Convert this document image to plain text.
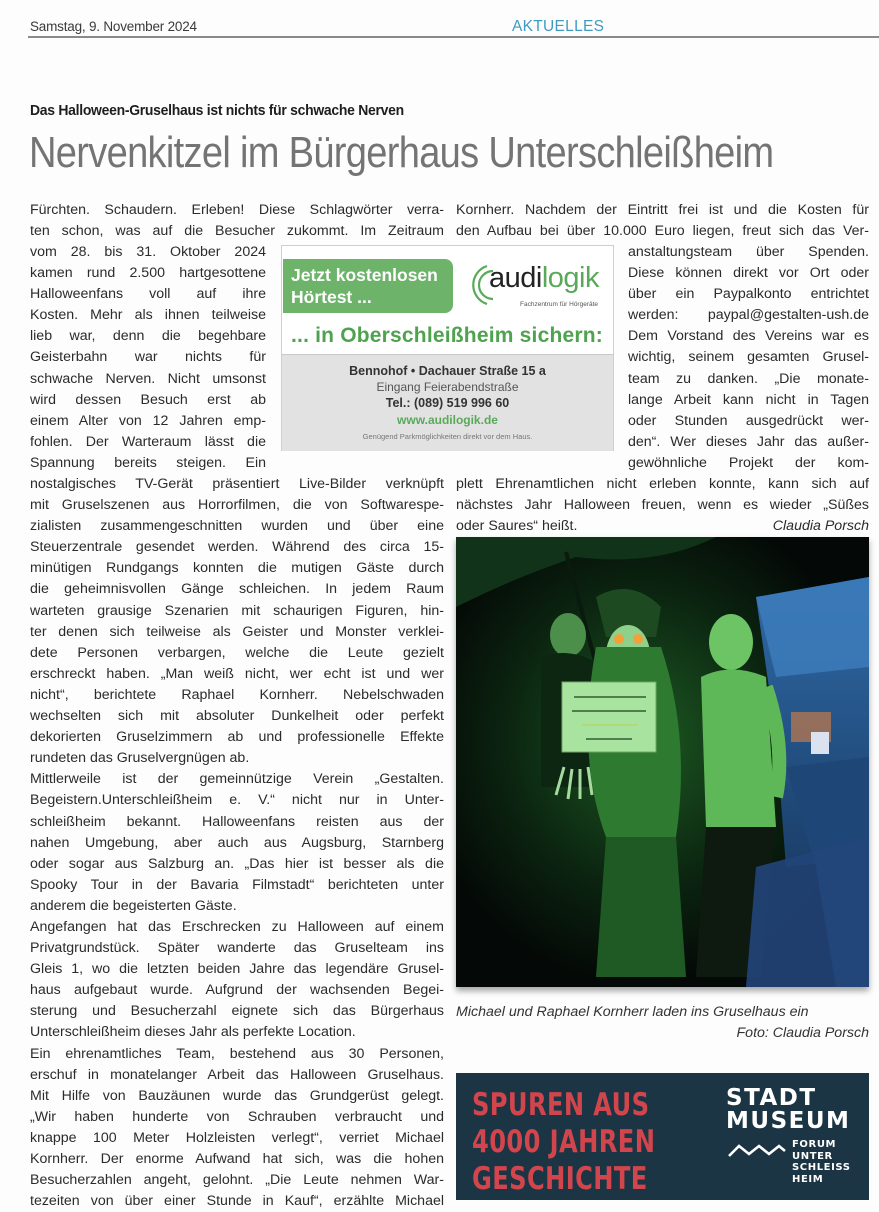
Samstag, 9. November 2024	AKTUELLES
Das Halloween-Gruselhaus ist nichts für schwache Nerven
Nervenkitzel im Bürgerhaus Unterschleißheim
Fürchten. Schaudern. Erleben! Diese Schlagwörter verra-
ten schon, was auf die Besucher zukommt. Im Zeitraum
vom 28. bis 31. Oktober 2024
kamen rund 2.500 hartgesottene
Halloweenfans voll auf ihre
Kosten. Mehr als ihnen teilweise
lieb war, denn die begehbare
Geisterbahn war nichts für
schwache Nerven. Nicht umsonst
wird dessen Besuch erst ab
einem Alter von 12 Jahren emp-
fohlen. Der Warteraum lässt die
Spannung bereits steigen. Ein
nostalgisches TV-Gerät präsentiert Live-Bilder verknüpft
mit Gruselszenen aus Horrorfilmen, die von Softwarespe-
zialisten zusammengeschnitten wurden und über eine
Steuerzentrale gesendet werden. Während des circa 15-
minütigen Rundgangs konnten die mutigen Gäste durch
die geheimnisvollen Gänge schleichen. In jedem Raum
warteten grausige Szenarien mit schaurigen Figuren, hin-
ter denen sich teilweise als Geister und Monster verklei-
dete Personen verbargen, welche die Leute gezielt
erschreckt haben. „Man weiß nicht, wer echt ist und wer
nicht“, berichtete Raphael Kornherr. Nebelschwaden
wechselten sich mit absoluter Dunkelheit oder perfekt
dekorierten Gruselzimmern ab und professionelle Effekte
rundeten das Gruselvergnügen ab.
Mittlerweile ist der gemeinnützige Verein „Gestalten.
Begeistern.Unterschleißheim e. V.“ nicht nur in Unter-
schleißheim bekannt. Halloweenfans reisten aus der
nahen Umgebung, aber auch aus Augsburg, Starnberg
oder sogar aus Salzburg an. „Das hier ist besser als die
Spooky Tour in der Bavaria Filmstadt“ berichteten unter
anderem die begeisterten Gäste.
Angefangen hat das Erschrecken zu Halloween auf einem
Privatgrundstück. Später wanderte das Gruselteam ins
Gleis 1, wo die letzten beiden Jahre das legendäre Grusel-
haus aufgebaut wurde. Aufgrund der wachsenden Begei-
sterung und Besucherzahl eignete sich das Bürgerhaus
Unterschleißheim dieses Jahr als perfekte Location.
Ein ehrenamtliches Team, bestehend aus 30 Personen,
erschuf in monatelanger Arbeit das Halloween Gruselhaus.
Mit Hilfe von Bauzäunen wurde das Grundgerüst gelegt.
„Wir haben hunderte von Schrauben verbraucht und
knappe 100 Meter Holzleisten verlegt“, verriet Michael
Kornherr. Der enorme Aufwand hat sich, was die hohen
Besucherzahlen angeht, gelohnt. „Die Leute nehmen War-
tezeiten von über einer Stunde in Kauf“, erzählte Michael
Kornherr. Nachdem der Eintritt frei ist und die Kosten für
den Aufbau bei über 10.000 Euro liegen, freut sich das Ver-
anstaltungsteam über Spenden.
Diese können direkt vor Ort oder
über ein Paypalkonto entrichtet
werden: paypal@gestalten-ush.de
Dem Vorstand des Vereins war es
wichtig, seinem gesamten Grusel-
team zu danken. „Die monate-
lange Arbeit kann nicht in Tagen
oder Stunden ausgedrückt wer-
den“. Wer dieses Jahr das außer-
gewöhnliche Projekt der kom-
plett Ehrenamtlichen nicht erleben konnte, kann sich auf
nächstes Jahr Halloween freuen, wenn es wieder „Süßes
oder Saures“ heißt.	Claudia Porsch
Jetzt kostenlosen Hörtest ...
audilogik
Fachzentrum für Hörgeräte
... in Oberschleißheim sichern:
Bennohof • Dachauer Straße 15 a
Eingang Feierabendstraße
Tel.: (089) 519 996 60
www.audilogik.de
Genügend Parkmöglichkeiten direkt vor dem Haus.
Michael und Raphael Kornherr laden ins Gruselhaus ein
Foto: Claudia Porsch
SPUREN AUS
4000 JAHREN
GESCHICHTE
STADT
MUSEUM
FORUM
UNTER
SCHLEISS
HEIM
